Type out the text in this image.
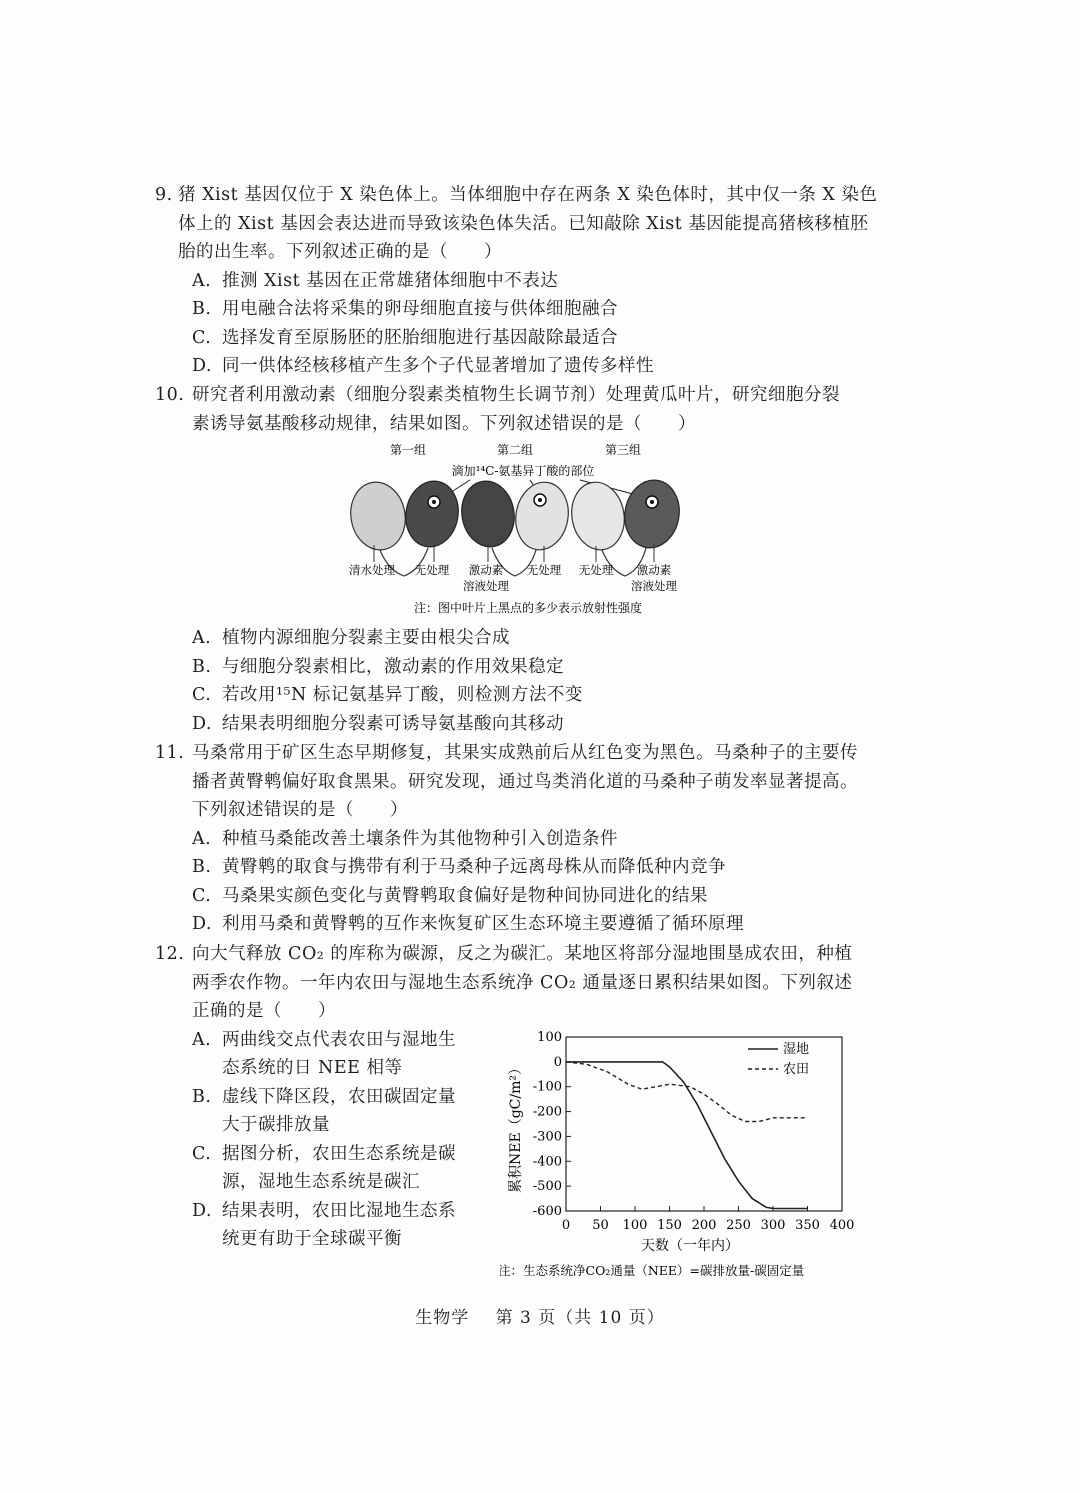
9. 猪 Xist 基因仅位于 X 染色体上。当体细胞中存在两条 X 染色体时，其中仅一条 X 染色
体上的 Xist 基因会表达进而导致该染色体失活。已知敲除 Xist 基因能提高猪核移植胚
胎的出生率。下列叙述正确的是（　　）
A. 推测 Xist 基因在正常雄猪体细胞中不表达
B. 用电融合法将采集的卵母细胞直接与供体细胞融合
C. 选择发育至原肠胚的胚胎细胞进行基因敲除最适合
D. 同一供体经核移植产生多个子代显著增加了遗传多样性
10. 研究者利用激动素（细胞分裂素类植物生长调节剂）处理黄瓜叶片，研究细胞分裂
素诱导氨基酸移动规律，结果如图。下列叙述错误的是（　　）
第一组	第二组	第三组
滴加¹⁴C-氨基异丁酸的部位
清水处理 无处理 激动素
溶液处理
无处理 无处理 激动素
溶液处理
注：图中叶片上黑点的多少表示放射性强度
A. 植物内源细胞分裂素主要由根尖合成
B. 与细胞分裂素相比，激动素的作用效果稳定
C. 若改用¹⁵N 标记氨基异丁酸，则检测方法不变
D. 结果表明细胞分裂素可诱导氨基酸向其移动
11. 马桑常用于矿区生态早期修复，其果实成熟前后从红色变为黑色。马桑种子的主要传
播者黄臀鹎偏好取食黑果。研究发现，通过鸟类消化道的马桑种子萌发率显著提高。
下列叙述错误的是（　　）
A. 种植马桑能改善土壤条件为其他物种引入创造条件
B. 黄臀鹎的取食与携带有利于马桑种子远离母株从而降低种内竞争
C. 马桑果实颜色变化与黄臀鹎取食偏好是物种间协同进化的结果
D. 利用马桑和黄臀鹎的互作来恢复矿区生态环境主要遵循了循环原理
12. 向大气释放 CO₂ 的库称为碳源，反之为碳汇。某地区将部分湿地围垦成农田，种植
两季农作物。一年内农田与湿地生态系统净 CO₂ 通量逐日累积结果如图。下列叙述
正确的是（　　）
A. 两曲线交点代表农田与湿地生
态系统的日 NEE 相等
B. 虚线下降区段，农田碳固定量
大于碳排放量
C. 据图分析，农田生态系统是碳
源，湿地生态系统是碳汇
D. 结果表明，农田比湿地生态系
统更有助于全球碳平衡
100
0
-100
-200
-300
-400
-500
-600
0 50 100 150 200 250 300 350 400
湿地
农田
天数（一年内）
累积NEE（gC/m²）
注：生态系统净CO₂通量（NEE）=碳排放量-碳固定量
生物学 第 3 页（共 10 页）
